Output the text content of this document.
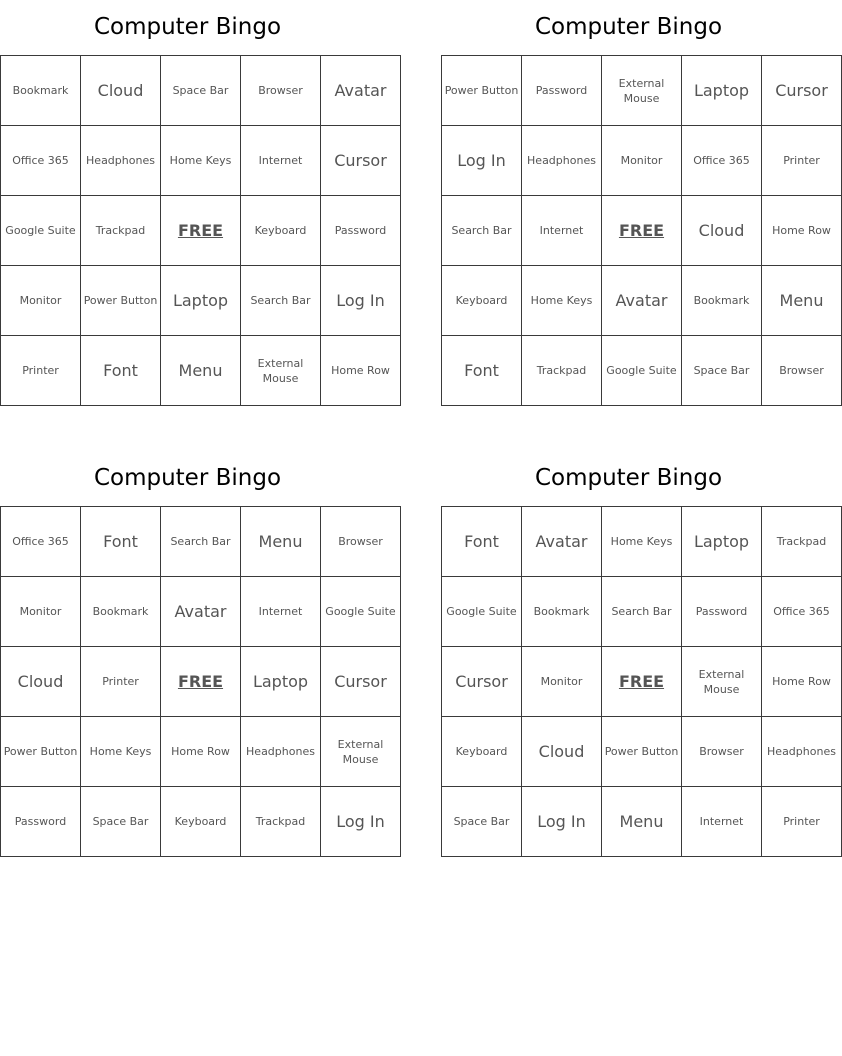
Computer Bingo
Bookmark	Cloud	Space Bar	Browser	Avatar
Office 365	Headphones	Home Keys	Internet	Cursor
Google Suite	Trackpad	FREE	Keyboard	Password
Monitor	Power Button	Laptop	Search Bar	Log In
Printer	Font	Menu	External Mouse	Home Row
Computer Bingo
Power Button	Password	External Mouse	Laptop	Cursor
Log In	Headphones	Monitor	Office 365	Printer
Search Bar	Internet	FREE	Cloud	Home Row
Keyboard	Home Keys	Avatar	Bookmark	Menu
Font	Trackpad	Google Suite	Space Bar	Browser
Computer Bingo
Office 365	Font	Search Bar	Menu	Browser
Monitor	Bookmark	Avatar	Internet	Google Suite
Cloud	Printer	FREE	Laptop	Cursor
Power Button	Home Keys	Home Row	Headphones	External Mouse
Password	Space Bar	Keyboard	Trackpad	Log In
Computer Bingo
Font	Avatar	Home Keys	Laptop	Trackpad
Google Suite	Bookmark	Search Bar	Password	Office 365
Cursor	Monitor	FREE	External Mouse	Home Row
Keyboard	Cloud	Power Button	Browser	Headphones
Space Bar	Log In	Menu	Internet	Printer
